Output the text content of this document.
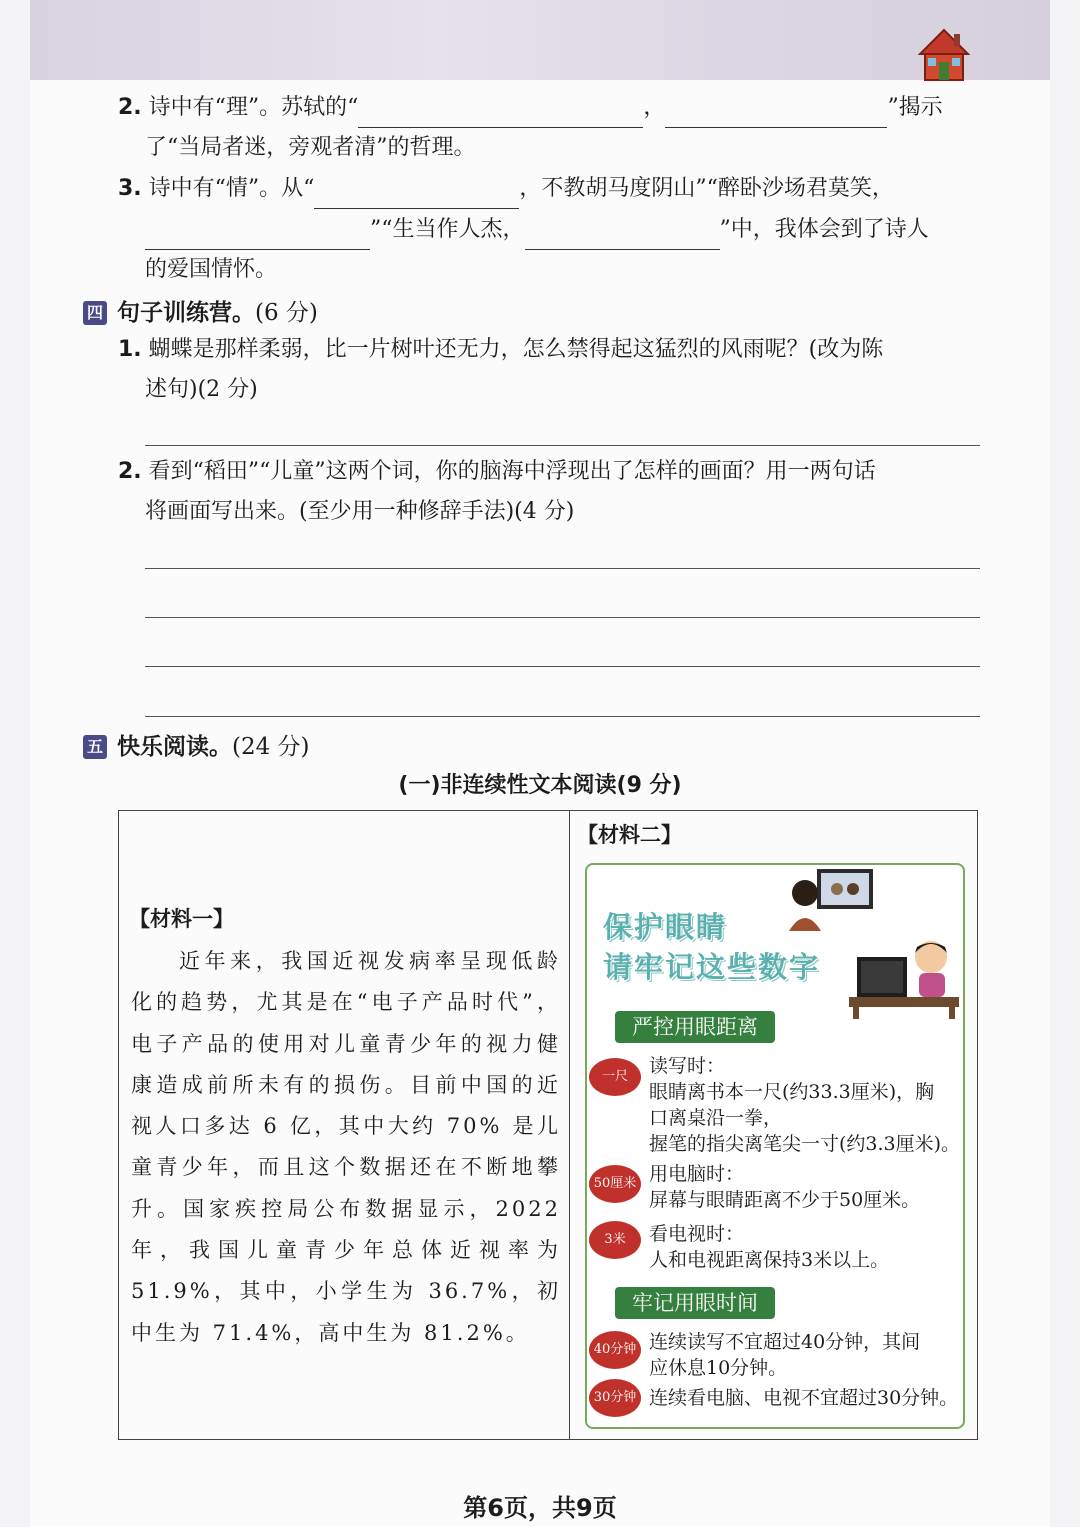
2. 诗中有“理”。苏轼的“	，	”揭示
了“当局者迷，旁观者清”的哲理。
3. 诗中有“情”。从“	，不教胡马度阴山”“醉卧沙场君莫笑，
”“生当作人杰，	”中，我体会到了诗人
的爱国情怀。
四 句子训练营。(6 分)
1. 蝴蝶是那样柔弱，比一片树叶还无力，怎么禁得起这猛烈的风雨呢？(改为陈
述句)(2 分)
2. 看到“稻田”“儿童”这两个词，你的脑海中浮现出了怎样的画面？用一两句话
将画面写出来。(至少用一种修辞手法)(4 分)
五 快乐阅读。(24 分)
(一)非连续性文本阅读(9 分)
【材料一】
近年来，我国近视发病率呈现低龄化的趋势，尤其是在“电子产品时代”，电子产品的使用对儿童青少年的视力健康造成前所未有的损伤。目前中国的近视人口多达 6 亿，其中大约 70% 是儿童青少年，而且这个数据还在不断地攀升。国家疾控局公布数据显示，2022 年，我国儿童青少年总体近视率为 51.9%，其中，小学生为 36.7%，初中生为 71.4%，高中生为 81.2%。
【材料二】
保护眼睛
请牢记这些数字
严控用眼距离
一尺	读写时：
眼睛离书本一尺(约33.3厘米)，胸
口离桌沿一拳，
握笔的指尖离笔尖一寸(约3.3厘米)。
50厘米 用电脑时：
屏幕与眼睛距离不少于50厘米。
3米	看电视时：
人和电视距离保持3米以上。
牢记用眼时间
40分钟 连续读写不宜超过40分钟，其间
应休息10分钟。
30分钟 连续看电脑、电视不宜超过30分钟。
第6页，共9页
